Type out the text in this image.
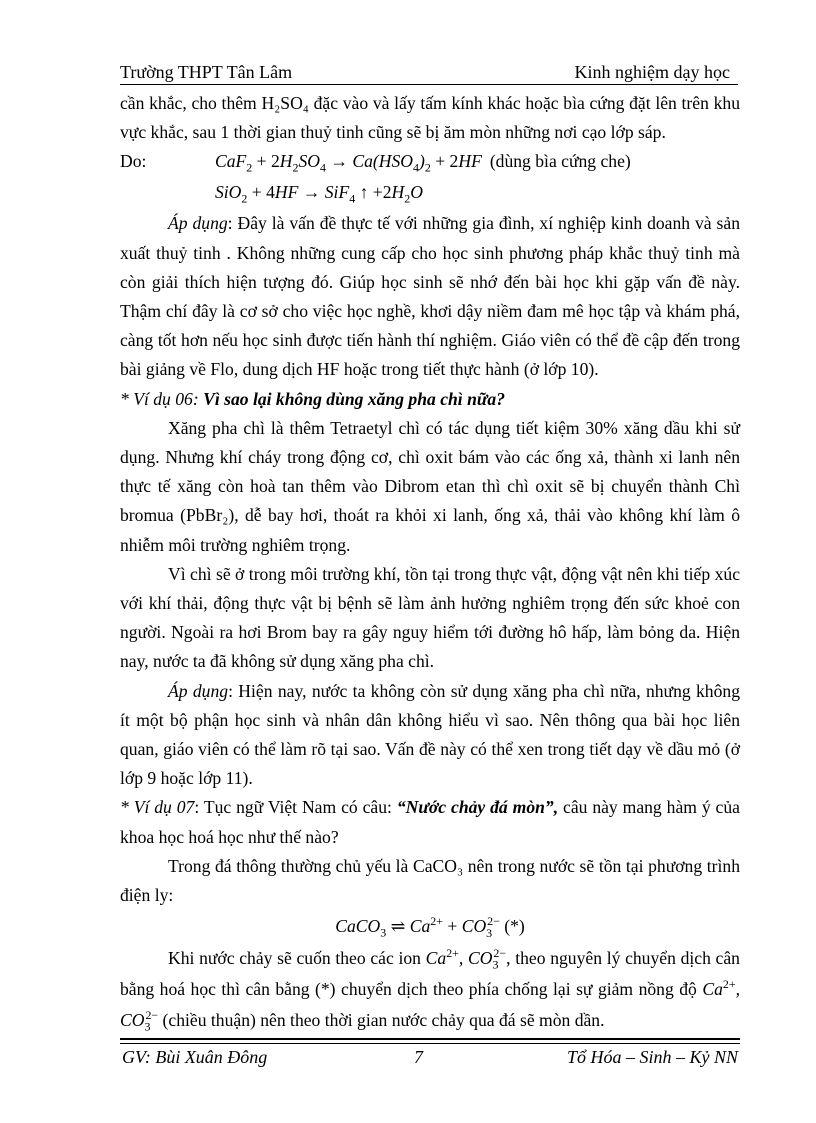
Trường THPT Tân Lâm	Kinh nghiệm dạy học

cần khắc, cho thêm H₂SO₄ đặc vào và lấy tấm kính khác hoặc bìa cứng đặt lên trên khu vực khắc, sau 1 thời gian thuỷ tinh cũng sẽ bị ăm mòn những nơi cạo lớp sáp.

Do:	$CaF_2 + 2H_2SO_4 \to Ca(HSO_4)_2 + 2HF$ (dùng bìa cứng che)
SiO$_2$ + 4HF → SiF$_4$ ↑ $+2H_2O$

Áp dụng: Đây là vấn đề thực tế với những gia đình, xí nghiệp kinh doanh và sản xuất thuỷ tinh . Không những cung cấp cho học sinh phương pháp khắc thuỷ tinh mà còn giải thích hiện tượng đó. Giúp học sinh sẽ nhớ đến bài học khi gặp vấn đề này. Thậm chí đây là cơ sở cho việc học nghề, khơi dậy niềm đam mê học tập và khám phá, càng tốt hơn nếu học sinh được tiến hành thí nghiệm. Giáo viên có thể đề cập đến trong bài giảng về Flo, dung dịch HF hoặc trong tiết thực hành (ở lớp 10).

* Ví dụ 06: Vì sao lại không dùng xăng pha chì nữa?

Xăng pha chì là thêm Tetraetyl chì có tác dụng tiết kiệm 30% xăng dầu khi sử dụng. Nhưng khí cháy trong động cơ, chì oxit bám vào các ống xả, thành xi lanh nên thực tế xăng còn hoà tan thêm vào Dibrom etan thì chì oxit sẽ bị chuyển thành Chì bromua (PbBr₂), dễ bay hơi, thoát ra khỏi xi lanh, ống xả, thải vào không khí làm ô nhiễm môi trường nghiêm trọng.

Vì chì sẽ ở trong môi trường khí, tồn tại trong thực vật, động vật nên khi tiếp xúc với khí thải, động thực vật bị bệnh sẽ làm ảnh hưởng nghiêm trọng đến sức khoẻ con người. Ngoài ra hơi Brom bay ra gây nguy hiểm tới đường hô hấp, làm bỏng da. Hiện nay, nước ta đã không sử dụng xăng pha chì.

Áp dụng: Hiện nay, nước ta không còn sử dụng xăng pha chì nữa, nhưng không ít một bộ phận học sinh và nhân dân không hiểu vì sao. Nên thông qua bài học liên quan, giáo viên có thể làm rõ tại sao. Vấn đề này có thể xen trong tiết dạy về dầu mỏ (ở lớp 9 hoặc lớp 11).

* Ví dụ 07: Tục ngữ Việt Nam có câu: “Nước chảy đá mòn”, câu này mang hàm ý của khoa học hoá học như thế nào?

Trong đá thông thường chủ yếu là CaCO₃ nên trong nước sẽ tồn tại phương trình điện ly:

CaCO$_3$ ⇌ $Ca^{2+} + CO_3^{2-}$ (*)

Khi nước chảy sẽ cuốn theo các ion $Ca^{2+}$, $CO_3^{2-}$, theo nguyên lý chuyển dịch cân bằng hoá học thì cân bằng (*) chuyển dịch theo phía chống lại sự giảm nồng độ $Ca^{2+}$, $CO_3^{2-}$ (chiều thuận) nên theo thời gian nước chảy qua đá sẽ mòn dần.

GV: Bùi Xuân Đông	7	Tổ Hóa – Sinh – Kỷ NN
